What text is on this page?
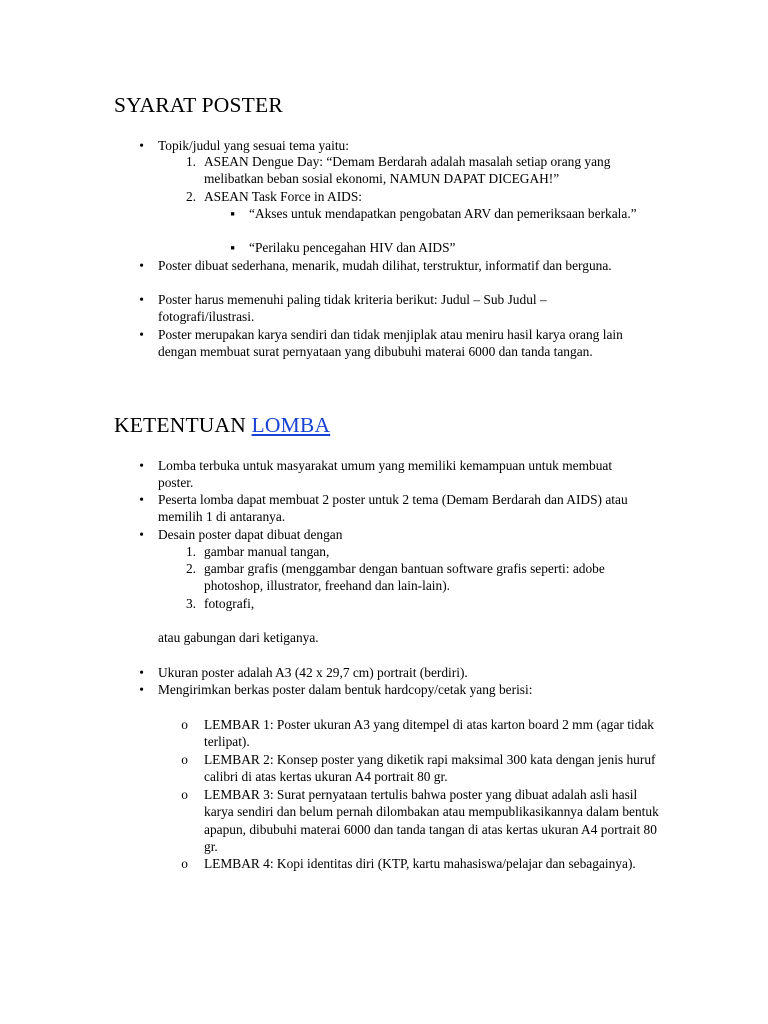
SYARAT POSTER
•
Topik/judul yang sesuai tema yaitu:
1. ASEAN Dengue Day: “Demam Berdarah adalah masalah setiap orang yang melibatkan beban sosial ekonomi, NAMUN DAPAT DICEGAH!”
2. ASEAN Task Force in AIDS:
▪
“Akses untuk mendapatkan pengobatan ARV dan pemeriksaan berkala.”
▪
“Perilaku pencegahan HIV dan AIDS”
•
Poster dibuat sederhana, menarik, mudah dilihat, terstruktur, informatif dan berguna.
•
Poster harus memenuhi paling tidak kriteria berikut: Judul – Sub Judul – fotografi/ilustrasi.
•
Poster merupakan karya sendiri dan tidak menjiplak atau meniru hasil karya orang lain dengan membuat surat pernyataan yang dibubuhi materai 6000 dan tanda tangan.
KETENTUAN LOMBA
•
Lomba terbuka untuk masyarakat umum yang memiliki kemampuan untuk membuat poster.
•
Peserta lomba dapat membuat 2 poster untuk 2 tema (Demam Berdarah dan AIDS) atau memilih 1 di antaranya.
•
Desain poster dapat dibuat dengan
1. gambar manual tangan,
2. gambar grafis (menggambar dengan bantuan software grafis seperti: adobe photoshop, illustrator, freehand dan lain-lain).
3. fotografi,
atau gabungan dari ketiganya.
•
Ukuran poster adalah A3 (42 x 29,7 cm) portrait (berdiri).
•
Mengirimkan berkas poster dalam bentuk hardcopy/cetak yang berisi:
o
LEMBAR 1: Poster ukuran A3 yang ditempel di atas karton board 2 mm (agar tidak terlipat).
o
LEMBAR 2: Konsep poster yang diketik rapi maksimal 300 kata dengan jenis huruf calibri di atas kertas ukuran A4 portrait 80 gr.
o
LEMBAR 3: Surat pernyataan tertulis bahwa poster yang dibuat adalah asli hasil karya sendiri dan belum pernah dilombakan atau mempublikasikannya dalam bentuk apapun, dibubuhi materai 6000 dan tanda tangan di atas kertas ukuran A4 portrait 80 gr.
o
LEMBAR 4: Kopi identitas diri (KTP, kartu mahasiswa/pelajar dan sebagainya).
